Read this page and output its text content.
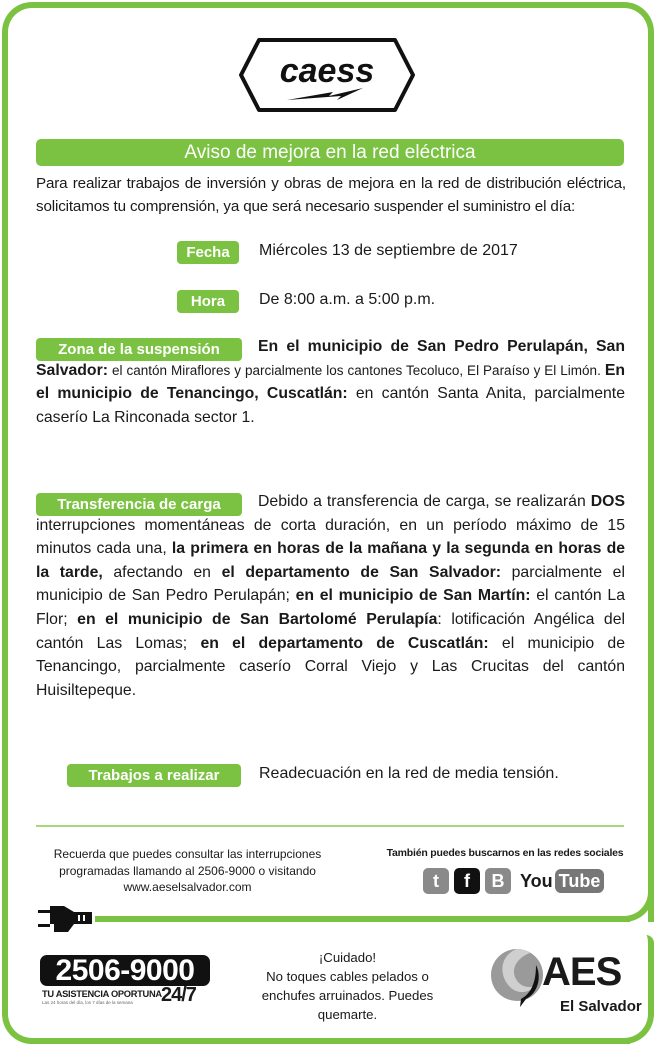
caess
Aviso de mejora en la red eléctrica
Para realizar trabajos de inversión y obras de mejora en la red de distribución eléctrica, solicitamos tu comprensión, ya que será necesario suspender el suministro el día:
Fecha	Miércoles 13 de septiembre de 2017
Hora	De 8:00 a.m. a 5:00 p.m.
Zona de la suspensión	En el municipio de San Pedro Perulapán, San Salvador: el cantón Miraflores y parcialmente los cantones Tecoluco, El Paraíso y El Limón. En el municipio de Tenancingo, Cuscatlán: en cantón Santa Anita, parcialmente caserío La Rinconada sector 1.
Transferencia de carga	Debido a transferencia de carga, se realizarán DOS interrupciones momentáneas de corta duración, en un período máximo de 15 minutos cada una, la primera en horas de la mañana y la segunda en horas de la tarde, afectando en el departamento de San Salvador: parcialmente el municipio de San Pedro Perulapán; en el municipio de San Martín: el cantón La Flor; en el municipio de San Bartolomé Perulapía: lotificación Angélica del cantón Las Lomas; en el departamento de Cuscatlán: el municipio de Tenancingo, parcialmente caserío Corral Viejo y Las Crucitas del cantón Huisiltepeque.
Trabajos a realizar	Readecuación en la red de media tensión.
Recuerda que puedes consultar las interrupciones
programadas llamando al 2506-9000 o visitando
www.aeselsalvador.com
También puedes buscarnos en las redes sociales
t f B You Tube
2506-9000
TU ASISTENCIA OPORTUNA
Las 24 horas del día, los 7 días de la semana 24/7
¡Cuidado!
No toques cables pelados o
enchufes arruinados. Puedes
quemarte.
AES
El Salvador
